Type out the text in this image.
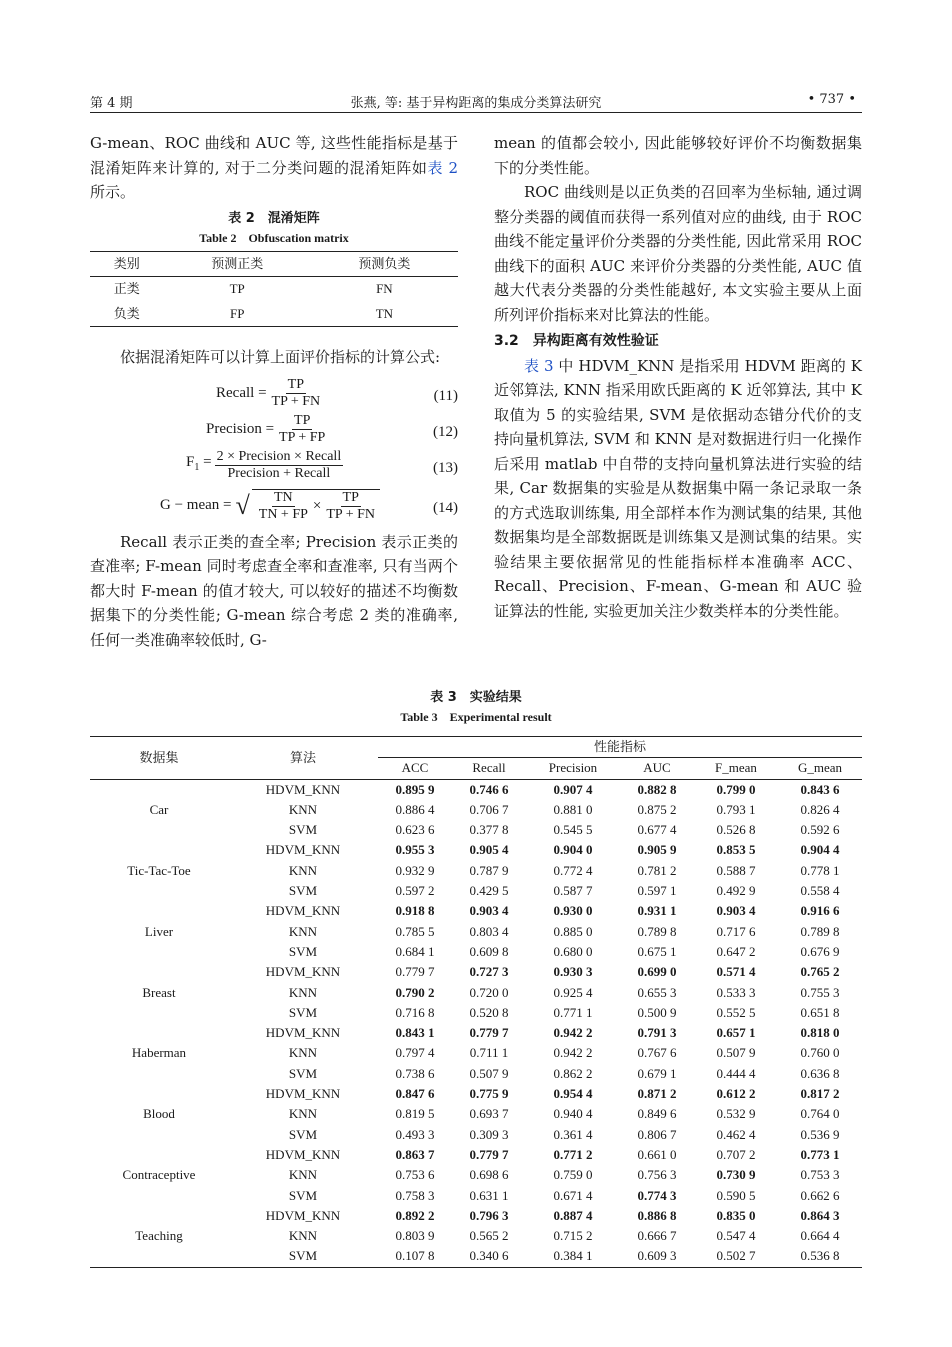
第 4 期	张燕, 等: 基于异构距离的集成分类算法研究	• 737 •

G-mean、ROC 曲线和 AUC 等, 这些性能指标是基于混淆矩阵来计算的, 对于二分类问题的混淆矩阵如表 2 所示。

表 2　混淆矩阵
Table 2　Obfuscation matrix
类别	预测正类	预测负类
正类	TP	FN
负类	FP	TN

依据混淆矩阵可以计算上面评价指标的计算公式:

Recall = $\frac{TP}{TP + FN}$	(11)
Precision = $\frac{TP}{TP + FP}$	(12)
$F_1 = \frac{\text{2 × Precision × Recall}}{\text{Precision + Recall}}$	(13)
G − mean = √ $\frac{TN}{TN + FP} \times \frac{TP}{TP + FN}$	(14)

Recall 表示正类的查全率; Precision 表示正类的查准率; F-mean 同时考虑查全率和查准率, 只有当两个都大时 F-mean 的值才较大, 可以较好的描述不均衡数据集下的分类性能; G-mean 综合考虑 2 类的准确率, 任何一类准确率较低时, G-

mean 的值都会较小, 因此能够较好评价不均衡数据集下的分类性能。

ROC 曲线则是以正负类的召回率为坐标轴, 通过调整分类器的阈值而获得一系列值对应的曲线, 由于 ROC 曲线不能定量评价分类器的分类性能, 因此常采用 ROC 曲线下的面积 AUC 来评价分类器的分类性能, AUC 值越大代表分类器的分类性能越好, 本文实验主要从上面所列评价指标来对比算法的性能。

3.2　异构距离有效性验证

表 3 中 HDVM_KNN 是指采用 HDVM 距离的 K 近邻算法, KNN 指采用欧氏距离的 K 近邻算法, 其中 K 取值为 5 的实验结果, SVM 是依据动态错分代价的支持向量机算法, SVM 和 KNN 是对数据进行归一化操作后采用 matlab 中自带的支持向量机算法进行实验的结果, Car 数据集的实验是从数据集中隔一条记录取一条的方式选取训练集, 用全部样本作为测试集的结果, 其他数据集均是全部数据既是训练集又是测试集的结果。实验结果主要依据常见的性能指标样本准确率 ACC、Recall、Precision、F-mean、G-mean 和 AUC 验证算法的性能, 实验更加关注少数类样本的分类性能。

表 3　实验结果
Table 3　Experimental result
数据集	算法	性能指标					
		ACC	Recall	Precision	AUC	F_mean	G_mean
Car	HDVM_KNN	0.895 9	0.746 6	0.907 4	0.882 8	0.799 0	0.843 6
	KNN	0.886 4	0.706 7	0.881 0	0.875 2	0.793 1	0.826 4
	SVM	0.623 6	0.377 8	0.545 5	0.677 4	0.526 8	0.592 6
Tic-Tac-Toe	HDVM_KNN	0.955 3	0.905 4	0.904 0	0.905 9	0.853 5	0.904 4
	KNN	0.932 9	0.787 9	0.772 4	0.781 2	0.588 7	0.778 1
	SVM	0.597 2	0.429 5	0.587 7	0.597 1	0.492 9	0.558 4
Liver	HDVM_KNN	0.918 8	0.903 4	0.930 0	0.931 1	0.903 4	0.916 6
	KNN	0.785 5	0.803 4	0.885 0	0.789 8	0.717 6	0.789 8
	SVM	0.684 1	0.609 8	0.680 0	0.675 1	0.647 2	0.676 9
Breast	HDVM_KNN	0.779 7	0.727 3	0.930 3	0.699 0	0.571 4	0.765 2
	KNN	0.790 2	0.720 0	0.925 4	0.655 3	0.533 3	0.755 3
	SVM	0.716 8	0.520 8	0.771 1	0.500 9	0.552 5	0.651 8
Haberman	HDVM_KNN	0.843 1	0.779 7	0.942 2	0.791 3	0.657 1	0.818 0
	KNN	0.797 4	0.711 1	0.942 2	0.767 6	0.507 9	0.760 0
	SVM	0.738 6	0.507 9	0.862 2	0.679 1	0.444 4	0.636 8
Blood	HDVM_KNN	0.847 6	0.775 9	0.954 4	0.871 2	0.612 2	0.817 2
	KNN	0.819 5	0.693 7	0.940 4	0.849 6	0.532 9	0.764 0
	SVM	0.493 3	0.309 3	0.361 4	0.806 7	0.462 4	0.536 9
Contraceptive	HDVM_KNN	0.863 7	0.779 7	0.771 2	0.661 0	0.707 2	0.773 1
	KNN	0.753 6	0.698 6	0.759 0	0.756 3	0.730 9	0.753 3
	SVM	0.758 3	0.631 1	0.671 4	0.774 3	0.590 5	0.662 6
Teaching	HDVM_KNN	0.892 2	0.796 3	0.887 4	0.886 8	0.835 0	0.864 3
	KNN	0.803 9	0.565 2	0.715 2	0.666 7	0.547 4	0.664 4
	SVM	0.107 8	0.340 6	0.384 1	0.609 3	0.502 7	0.536 8
